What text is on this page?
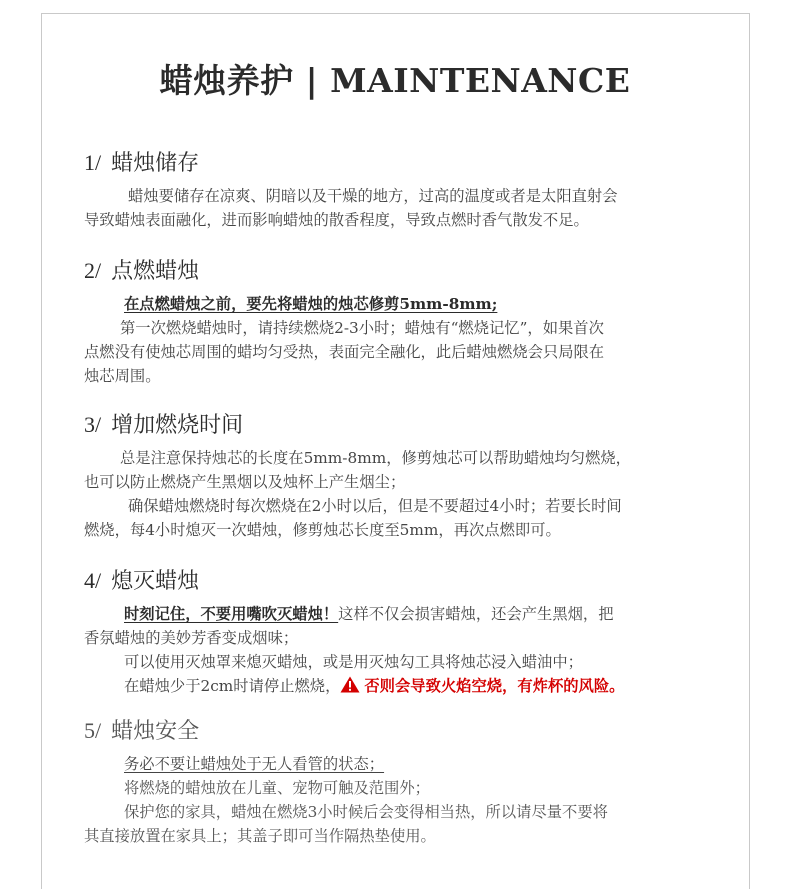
蜡烛养护 | MAINTENANCE
1/ 蜡烛储存

蜡烛要储存在凉爽、阴暗以及干燥的地方，过高的温度或者是太阳直射会

导致蜡烛表面融化，进而影响蜡烛的散香程度，导致点燃时香气散发不足。

2/ 点燃蜡烛

在点燃蜡烛之前，要先将蜡烛的烛芯修剪5mm-8mm;

第一次燃烧蜡烛时，请持续燃烧2-3小时；蜡烛有“燃烧记忆”，如果首次

点燃没有使烛芯周围的蜡均匀受热，表面完全融化，此后蜡烛燃烧会只局限在

烛芯周围。

3/ 增加燃烧时间

总是注意保持烛芯的长度在5mm-8mm，修剪烛芯可以帮助蜡烛均匀燃烧，

也可以防止燃烧产生黑烟以及烛杯上产生烟尘；

确保蜡烛燃烧时每次燃烧在2小时以后，但是不要超过4小时；若要长时间

燃烧，每4小时熄灭一次蜡烛，修剪烛芯长度至5mm，再次点燃即可。

4/ 熄灭蜡烛

时刻记住，不要用嘴吹灭蜡烛！这样不仅会损害蜡烛，还会产生黑烟，把

香氛蜡烛的美妙芳香变成烟味；

可以使用灭烛罩来熄灭蜡烛，或是用灭烛勾工具将烛芯浸入蜡油中；

在蜡烛少于2cm时请停止燃烧， 否则会导致火焰空烧，有炸杯的风险。

5/ 蜡烛安全

务必不要让蜡烛处于无人看管的状态；

将燃烧的蜡烛放在儿童、宠物可触及范围外；

保护您的家具，蜡烛在燃烧3小时候后会变得相当热，所以请尽量不要将

其直接放置在家具上；其盖子即可当作隔热垫使用。
